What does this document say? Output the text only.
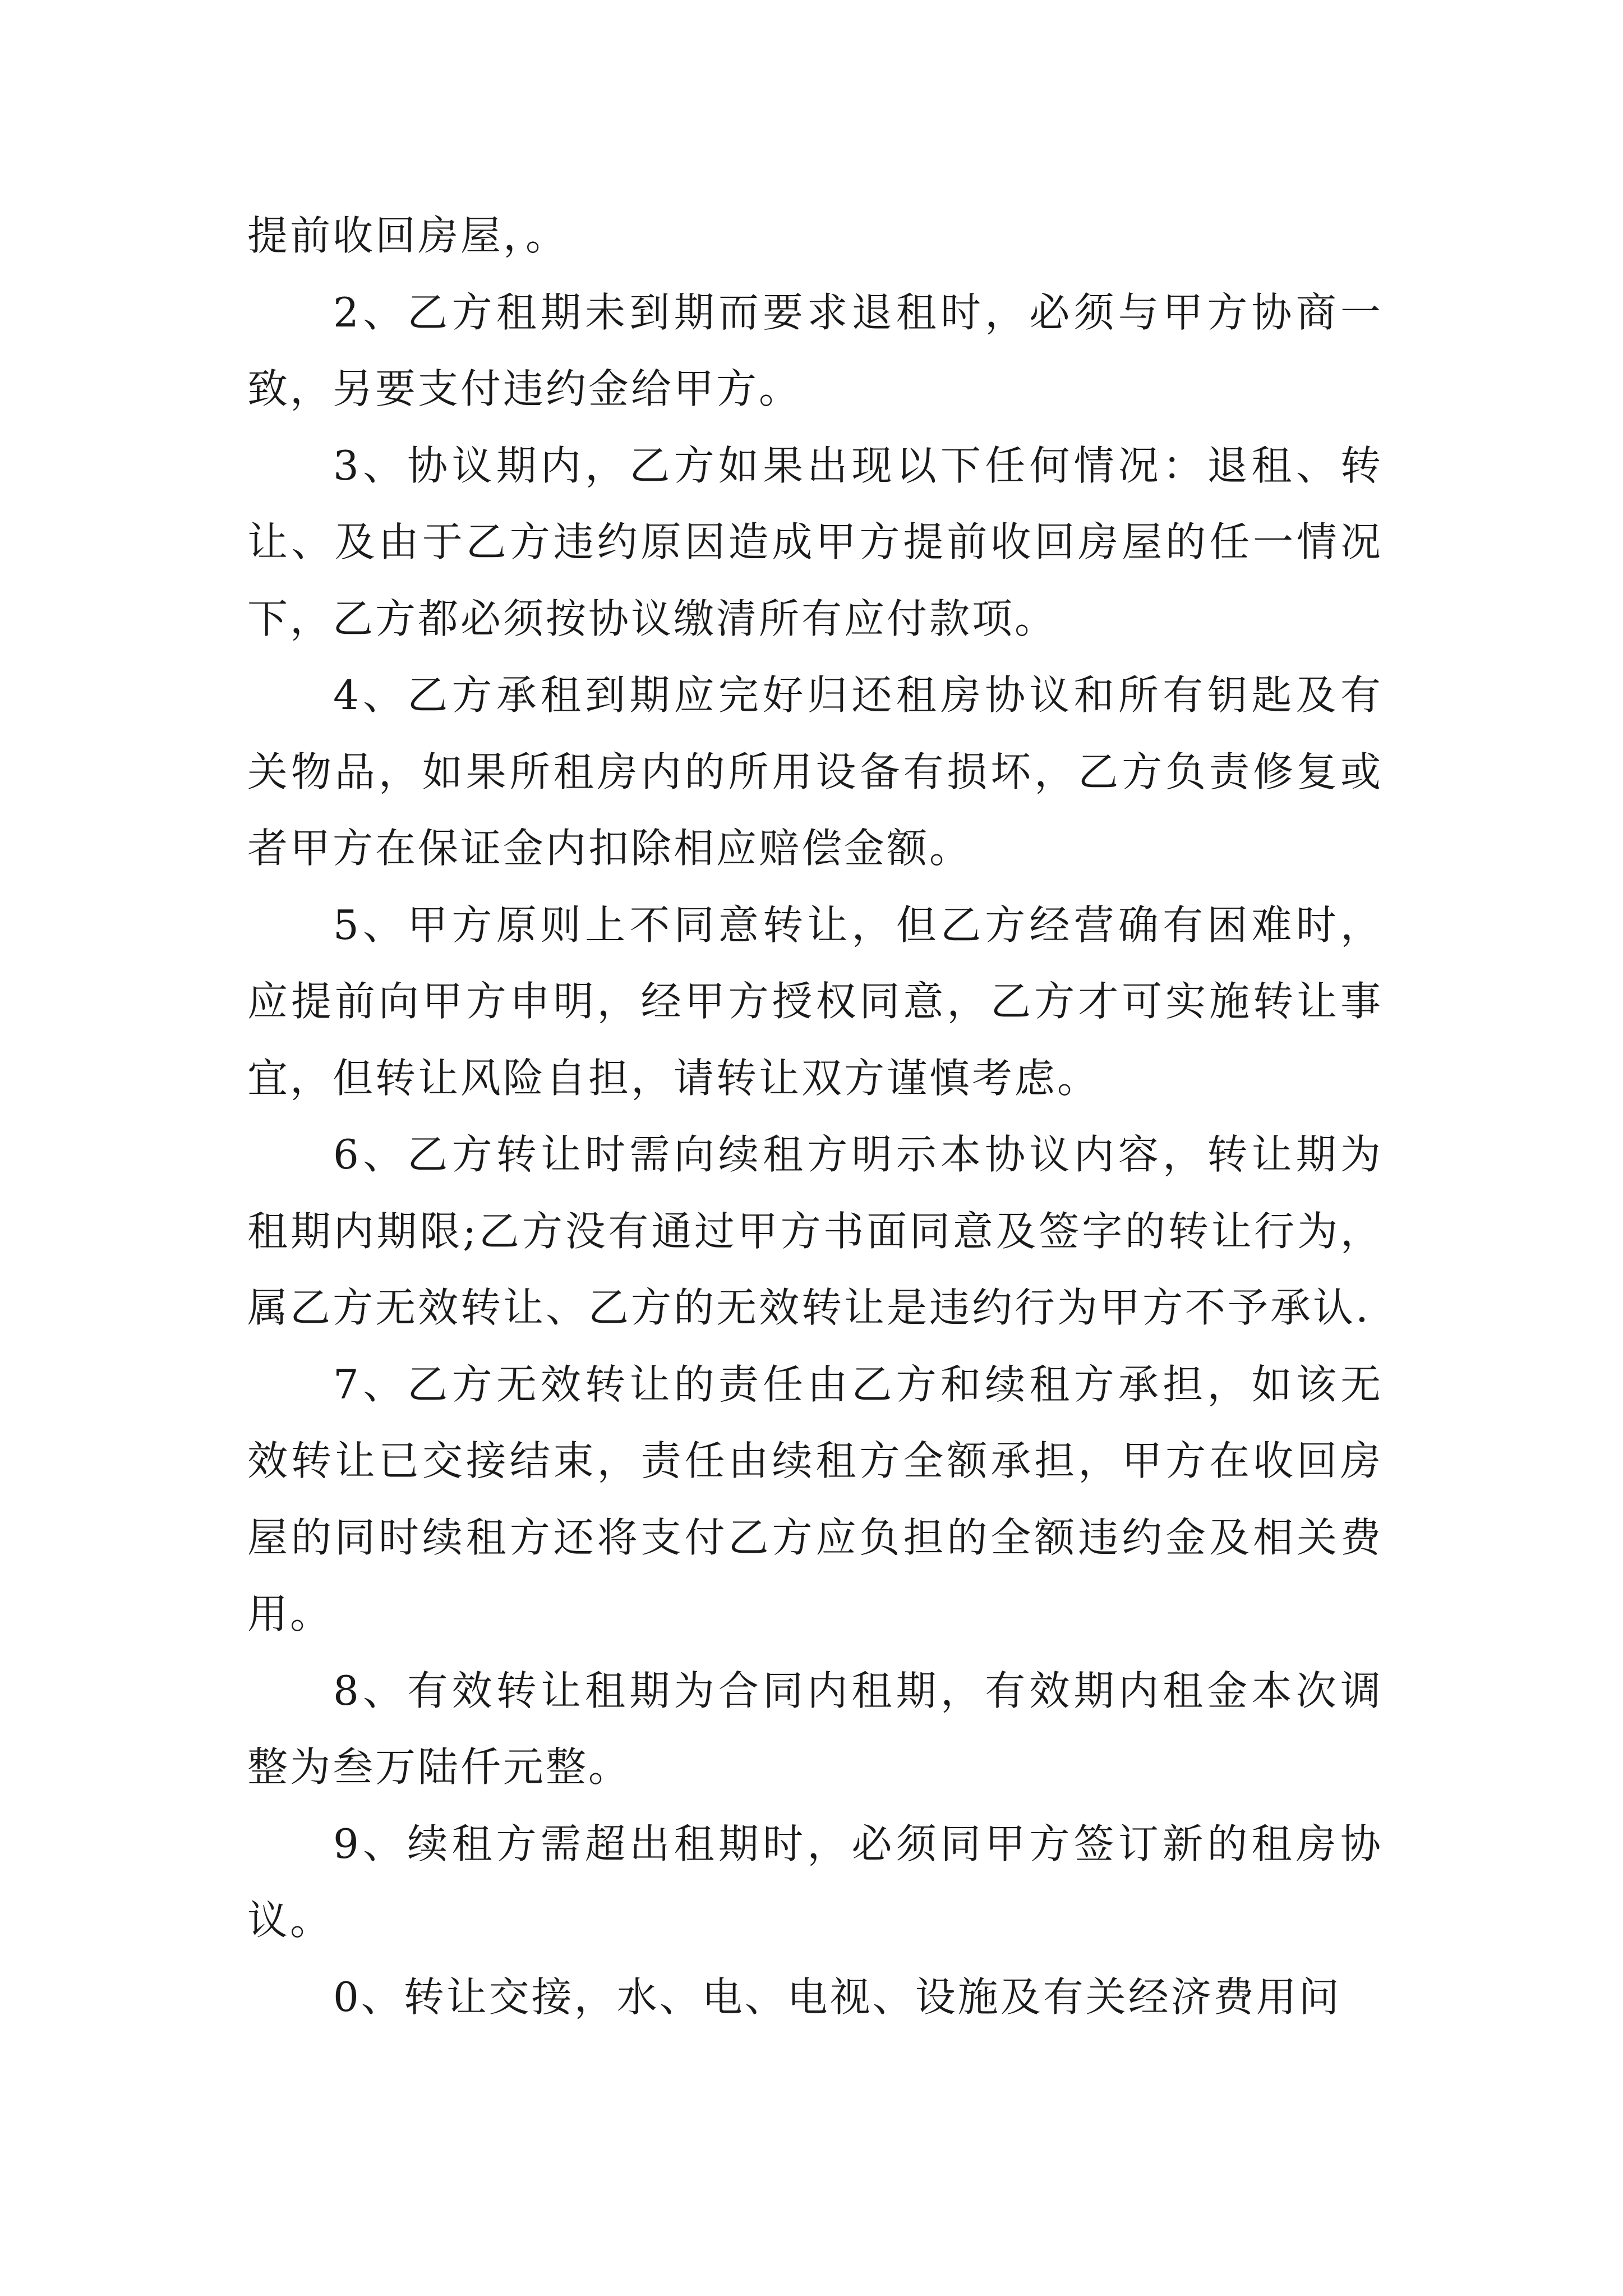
提前收回房屋，。

2、乙方租期未到期而要求退租时，必须与甲方协商一致，另要支付违约金给甲方。

3、协议期内，乙方如果出现以下任何情况：退租、转让、及由于乙方违约原因造成甲方提前收回房屋的任一情况下，乙方都必须按协议缴清所有应付款项。

4、乙方承租到期应完好归还租房协议和所有钥匙及有关物品，如果所租房内的所用设备有损坏，乙方负责修复或者甲方在保证金内扣除相应赔偿金额。

5、甲方原则上不同意转让，但乙方经营确有困难时，应提前向甲方申明，经甲方授权同意，乙方才可实施转让事宜，但转让风险自担，请转让双方谨慎考虑。

6、乙方转让时需向续租方明示本协议内容，转让期为租期内期限;乙方没有通过甲方书面同意及签字的转让行为，属乙方无效转让、乙方的无效转让是违约行为甲方不予承认.

7、乙方无效转让的责任由乙方和续租方承担，如该无效转让已交接结束，责任由续租方全额承担，甲方在收回房屋的同时续租方还将支付乙方应负担的全额违约金及相关费用。

8、有效转让租期为合同内租期，有效期内租金本次调整为叁万陆仟元整。

9、续租方需超出租期时，必须同甲方签订新的租房协议。

0、转让交接，水、电、电视、设施及有关经济费用问
